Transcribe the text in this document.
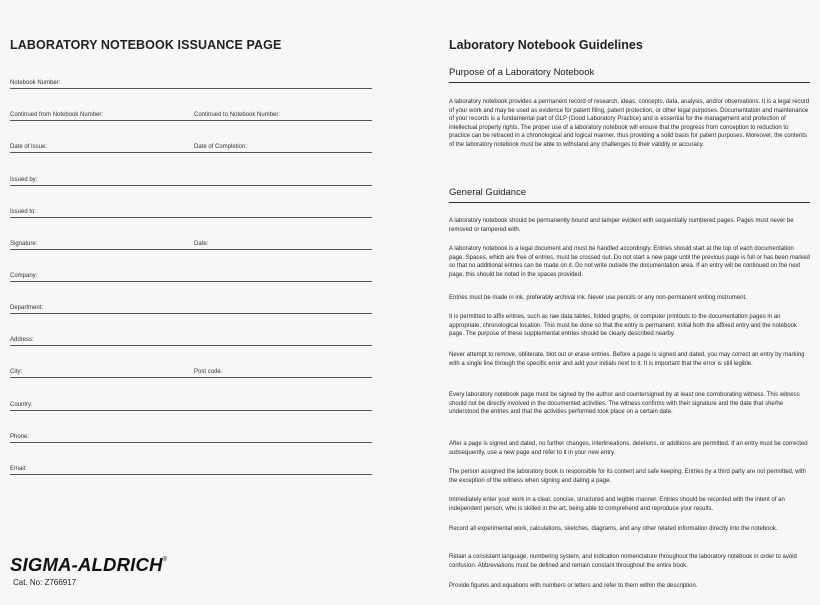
LABORATORY NOTEBOOK ISSUANCE PAGE
Notebook Number:
Continued from Notebook Number:	Continued to Notebook Number:
Date of Issue:	Date of Completion:
Issued by:
Issued to:
Signature:	Date:
Company:
Department:
Address:
City:	Post code:
Country:
Phone:
Email:
SIGMA-ALDRICH®
Cat. No: Z766917
Laboratory Notebook Guidelines
Purpose of a Laboratory Notebook
A laboratory notebook provides a permanent record of research, ideas, concepts, data, analysis, and/or observations. It is a legal record of your work and may be used as evidence for patent filing, patent protection, or other legal purposes. Documentation and maintenance of your records is a fundamental part of GLP (Good Laboratory Practice) and is essential for the management and protection of intellectual property rights. The proper use of a laboratory notebook will ensure that the progress from conception to reduction to practice can be retraced in a chronological and logical manner, thus providing a solid basis for patent purposes. Moreover, the contents of the laboratory notebook must be able to withstand any challenges to their validity or accuracy.
General Guidance
A laboratory notebook should be permanently bound and tamper evident with sequentially numbered pages. Pages must never be removed or tampered with.
A laboratory notebook is a legal document and must be handled accordingly. Entries should start at the top of each documentation page. Spaces, which are free of entries, must be crossed out. Do not start a new page until the previous page is full or has been marked so that no additional entries can be made on it. Do not write outside the documentation area. If an entry will be continued on the next page, this should be noted in the spaces provided.
Entries must be made in ink, preferably archival ink. Never use pencils or any non-permanent writing instrument.
It is permitted to affix entries, such as raw data tables, folded graphs, or computer printouts to the documentation pages in an appropriate, chronological location. This must be done so that the entry is permanent. Initial both the affixed entry and the notebook page. The purpose of these supplemental entries should be clearly described nearby.
Never attempt to remove, obliterate, blot out or erase entries. Before a page is signed and dated, you may correct an entry by marking with a single line through the specific error and add your initials next to it. It is important that the error is still legible.
Every laboratory notebook page must be signed by the author and countersigned by at least one corroborating witness. This witness should not be directly involved in the documented activities. The witness confirms with their signature and the date that she/he understood the entries and that the activities performed took place on a certain date.
After a page is signed and dated, no further changes, interlineations, deletions, or additions are permitted. If an entry must be corrected subsequently, use a new page and refer to it in your new entry.
The person assigned the laboratory book is responsible for its content and safe keeping. Entries by a third party are not permitted, with the exception of the witness when signing and dating a page.
Immediately enter your work in a clear, concise, structured and legible manner. Entries should be recorded with the intent of an independent person, who is skilled in the art, being able to comprehend and reproduce your results.
Record all experimental work, calculations, sketches, diagrams, and any other related information directly into the notebook.
Retain a consistent language, numbering system, and indication nomenclature throughout the laboratory notebook in order to avoid confusion. Abbreviations must be defined and remain constant throughout the entire book.
Provide figures and equations with numbers or letters and refer to them within the description.
